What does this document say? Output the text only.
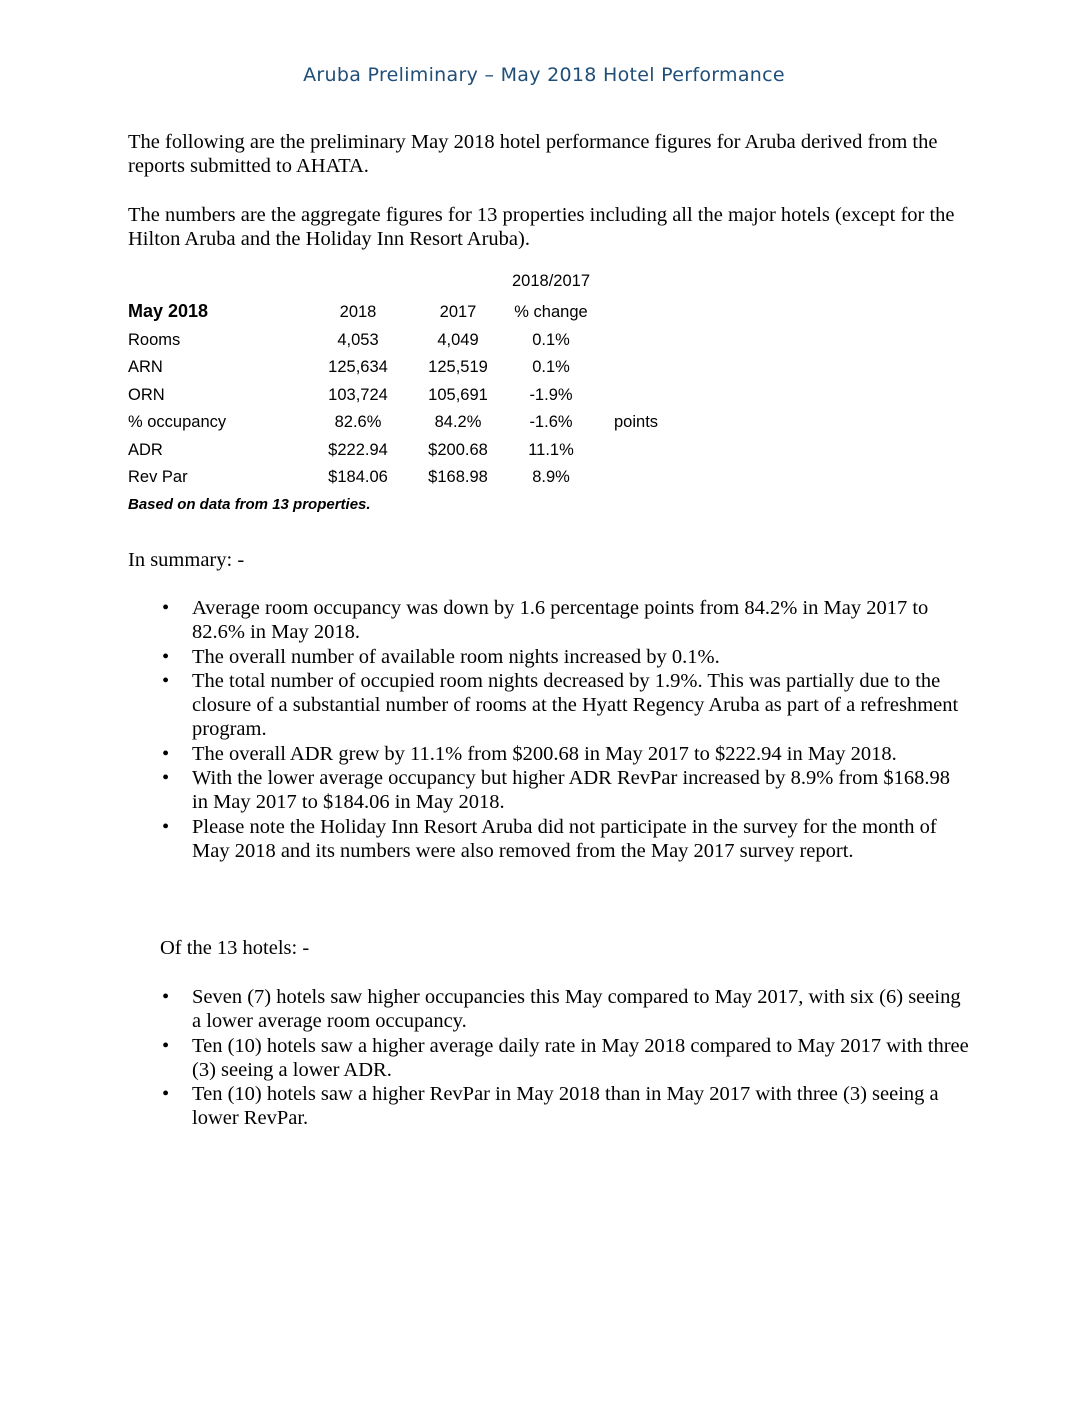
Aruba Preliminary – May 2018 Hotel Performance
The following are the preliminary May 2018 hotel performance figures for Aruba derived from the reports submitted to AHATA.
The numbers are the aggregate figures for 13 properties including all the major hotels (except for the Hilton Aruba and the Holiday Inn Resort Aruba).
2018/2017
May 2018	2018	2017	% change
Rooms	4,053	4,049	0.1%
ARN	125,634	125,519	0.1%
ORN	103,724	105,691	-1.9%
% occupancy	82.6%	84.2%	-1.6%	points
ADR	$222.94	$200.68	11.1%
Rev Par	$184.06	$168.98	8.9%
Based on data from 13 properties.
In summary: -
Average room occupancy was down by 1.6 percentage points from 84.2% in May 2017 to 82.6% in May 2018.
The overall number of available room nights increased by 0.1%.
The total number of occupied room nights decreased by 1.9%. This was partially due to the closure of a substantial number of rooms at the Hyatt Regency Aruba as part of a refreshment program.
The overall ADR grew by 11.1% from $200.68 in May 2017 to $222.94 in May 2018.
With the lower average occupancy but higher ADR RevPar increased by 8.9% from $168.98 in May 2017 to $184.06 in May 2018.
Please note the Holiday Inn Resort Aruba did not participate in the survey for the month of May 2018 and its numbers were also removed from the May 2017 survey report.
Of the 13 hotels: -
Seven (7) hotels saw higher occupancies this May compared to May 2017, with six (6) seeing a lower average room occupancy.
Ten (10) hotels saw a higher average daily rate in May 2018 compared to May 2017 with three (3) seeing a lower ADR.
Ten (10) hotels saw a higher RevPar in May 2018 than in May 2017 with three (3) seeing a lower RevPar.
